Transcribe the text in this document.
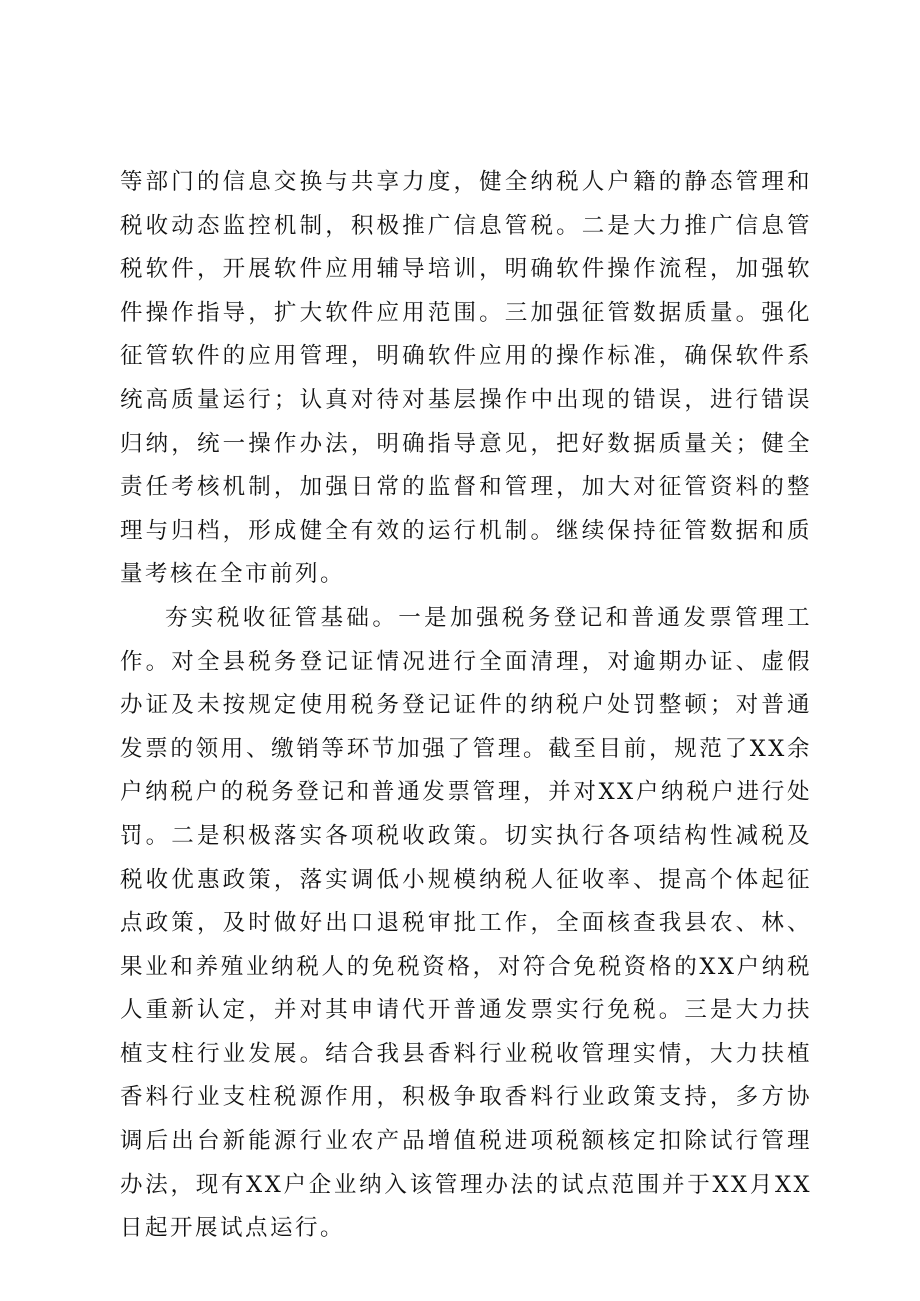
等部门的信息交换与共享力度，健全纳税人户籍的静态管理和税收动态监控机制，积极推广信息管税。二是大力推广信息管税软件，开展软件应用辅导培训，明确软件操作流程，加强软件操作指导，扩大软件应用范围。三加强征管数据质量。强化征管软件的应用管理，明确软件应用的操作标准，确保软件系统高质量运行；认真对待对基层操作中出现的错误，进行错误归纳，统一操作办法，明确指导意见，把好数据质量关；健全责任考核机制，加强日常的监督和管理，加大对征管资料的整理与归档，形成健全有效的运行机制。继续保持征管数据和质量考核在全市前列。

夯实税收征管基础。一是加强税务登记和普通发票管理工作。对全县税务登记证情况进行全面清理，对逾期办证、虚假办证及未按规定使用税务登记证件的纳税户处罚整顿；对普通发票的领用、缴销等环节加强了管理。截至目前，规范了XX余户纳税户的税务登记和普通发票管理，并对XX户纳税户进行处罚。二是积极落实各项税收政策。切实执行各项结构性减税及税收优惠政策，落实调低小规模纳税人征收率、提高个体起征点政策，及时做好出口退税审批工作，全面核查我县农、林、果业和养殖业纳税人的免税资格，对符合免税资格的XX户纳税人重新认定，并对其申请代开普通发票实行免税。三是大力扶植支柱行业发展。结合我县香料行业税收管理实情，大力扶植香料行业支柱税源作用，积极争取香料行业政策支持，多方协调后出台新能源行业农产品增值税进项税额核定扣除试行管理办法，现有XX户企业纳入该管理办法的试点范围并于XX月XX日起开展试点运行。
